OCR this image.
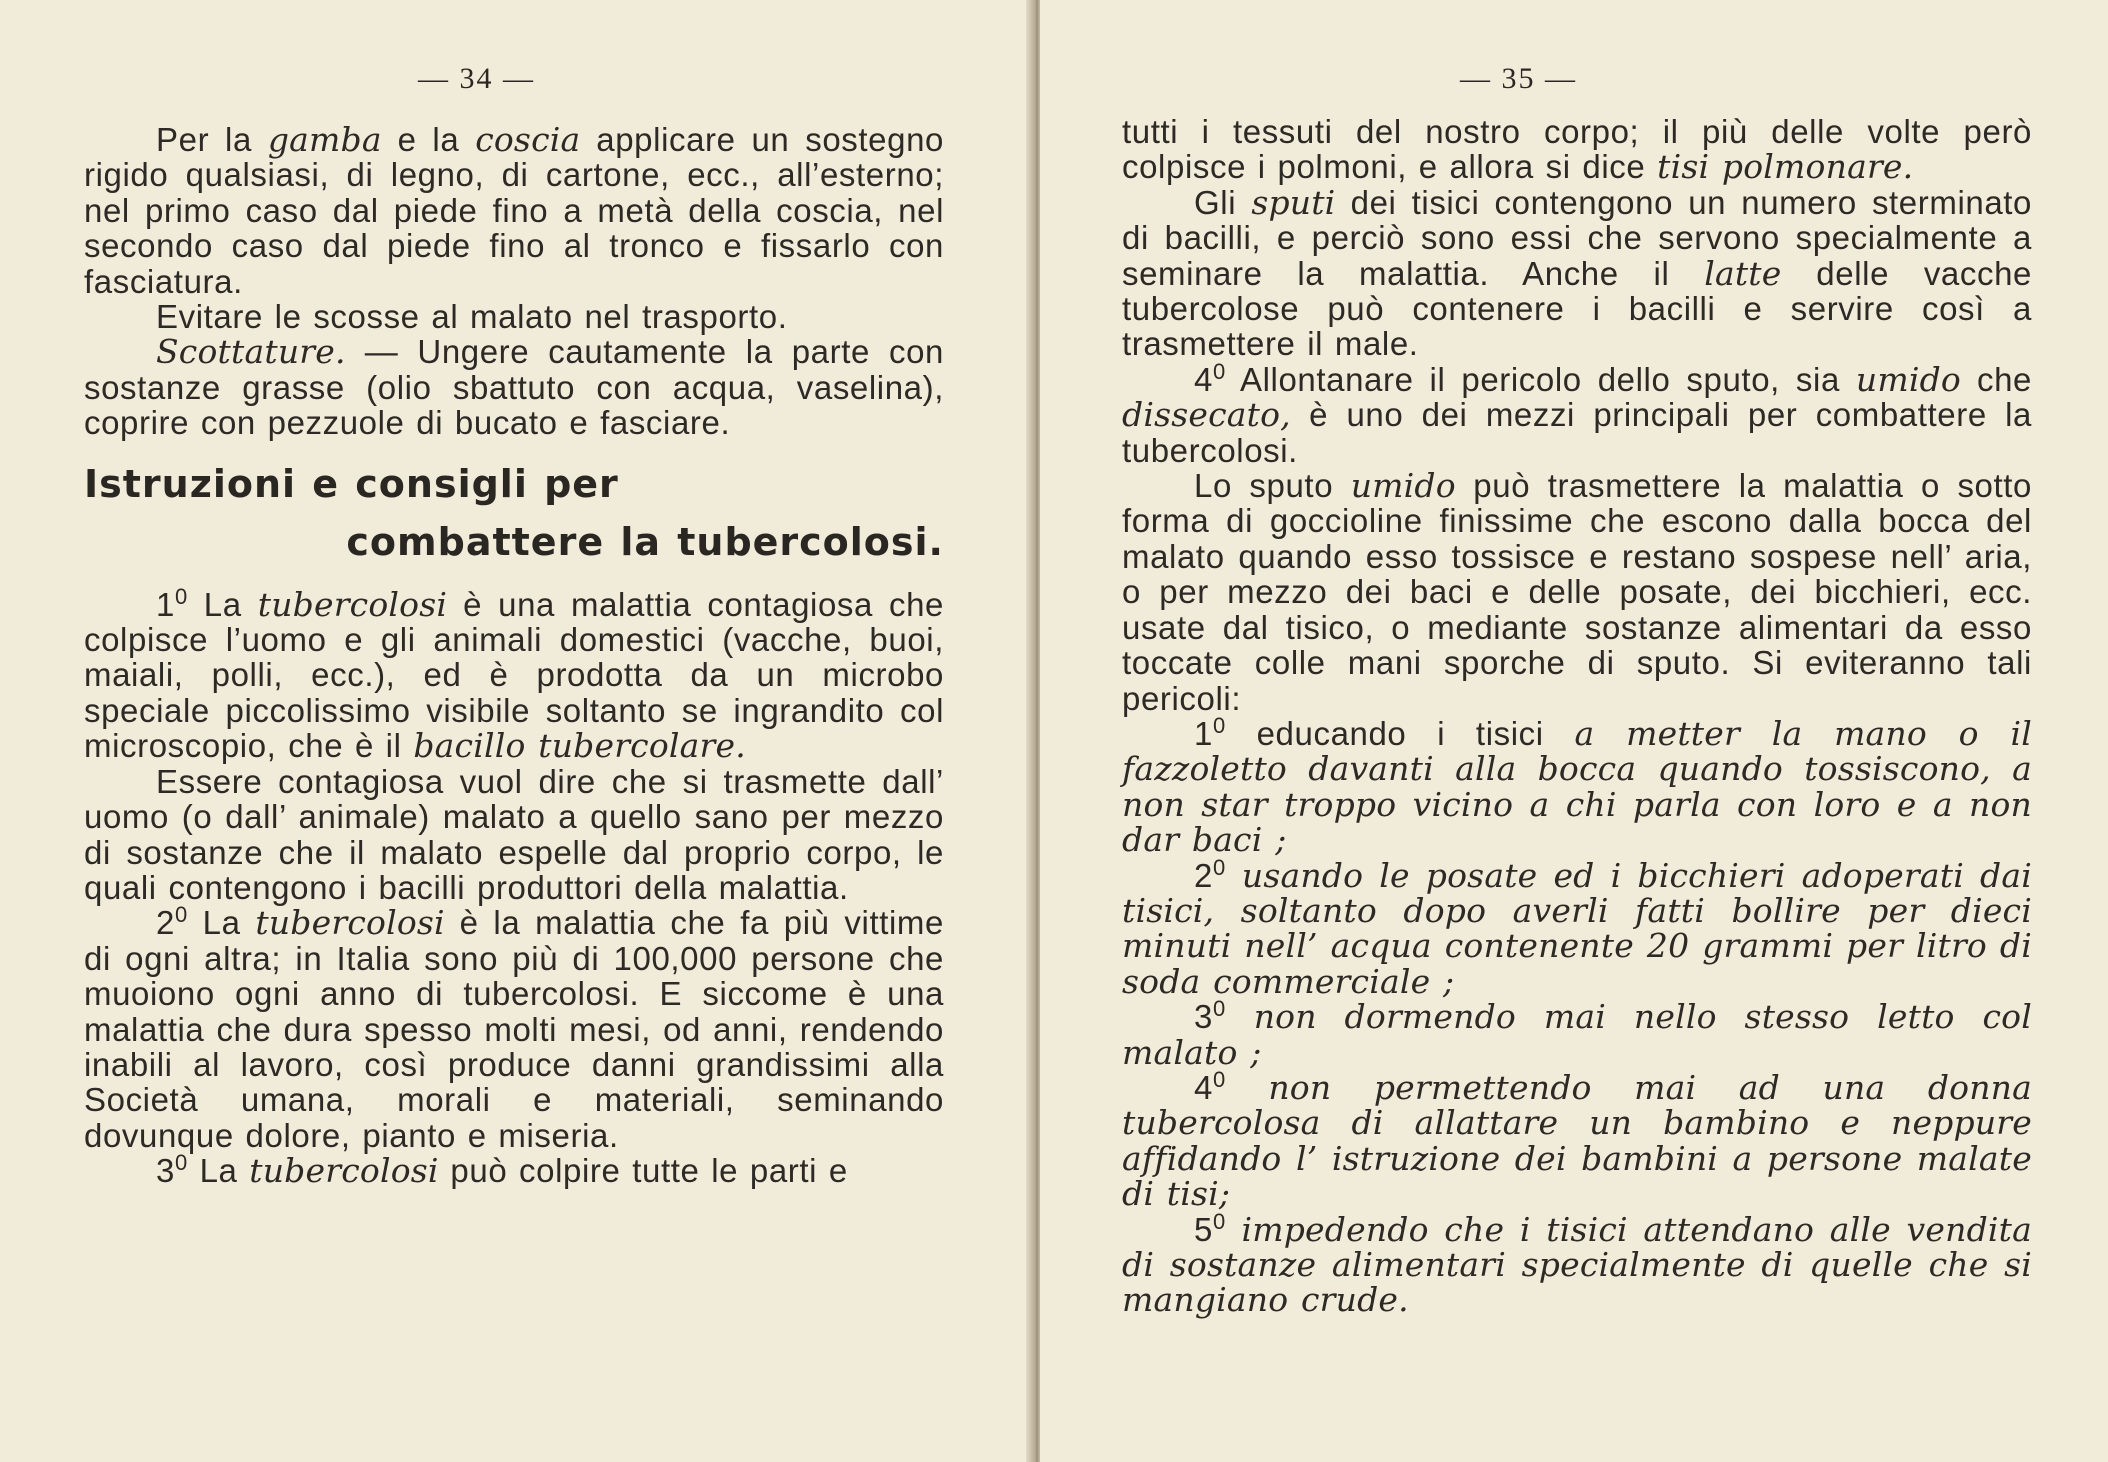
— 34 —

Per la gamba e la coscia applicare un sostegno rigido qualsiasi, di legno, di cartone, ecc., all’esterno; nel primo caso dal piede fino a metà della coscia, nel secondo caso dal piede fino al tronco e fissarlo con fasciatura.

Evitare le scosse al malato nel trasporto.

Scottature. — Ungere cautamente la parte con sostanze grasse (olio sbattuto con acqua, vaselina), coprire con pezzuole di bucato e fasciare.

Istruzioni e consigli per
combattere la tubercolosi.

$1^0$ La tubercolosi è una malattia contagiosa che colpisce l’uomo e gli animali domestici (vacche, buoi, maiali, polli, ecc.), ed è prodotta da un microbo speciale piccolissimo visibile soltanto se ingrandito col microscopio, che è il bacillo tubercolare.

Essere contagiosa vuol dire che si trasmette dall’ uomo (o dall’ animale) malato a quello sano per mezzo di sostanze che il malato espelle dal proprio corpo, le quali contengono i bacilli produttori della malattia.

$2^0$ La tubercolosi è la malattia che fa più vittime di ogni altra; in Italia sono più di 100,000 persone che muoiono ogni anno di tubercolosi. E siccome è una malattia che dura spesso molti mesi, od anni, rendendo inabili al lavoro, così produce danni grandissimi alla Società umana, morali e materiali, seminando dovunque dolore, pianto e miseria.

$3^0$ La tubercolosi può colpire tutte le parti e

— 35 —

tutti i tessuti del nostro corpo; il più delle volte però colpisce i polmoni, e allora si dice tisi polmonare.

Gli sputi dei tisici contengono un numero sterminato di bacilli, e perciò sono essi che servono specialmente a seminare la malattia. Anche il latte delle vacche tubercolose può contenere i bacilli e servire così a trasmettere il male.

$4^0$ Allontanare il pericolo dello sputo, sia umido che dissecato, è uno dei mezzi principali per combattere la tubercolosi.

Lo sputo umido può trasmettere la malattia o sotto forma di goccioline finissime che escono dalla bocca del malato quando esso tossisce e restano sospese nell’ aria, o per mezzo dei baci e delle posate, dei bicchieri, ecc. usate dal tisico, o mediante sostanze alimentari da esso toccate colle mani sporche di sputo. Si eviteranno tali pericoli:

$1^0$ educando i tisici a metter la mano o il fazzoletto davanti alla bocca quando tossiscono, a non star troppo vicino a chi parla con loro e a non dar baci ;

$2^0$ usando le posate ed i bicchieri adoperati dai tisici, soltanto dopo averli fatti bollire per dieci minuti nell’ acqua contenente 20 grammi per litro di soda commerciale ;

$3^0$ non dormendo mai nello stesso letto col malato ;

$4^0$ non permettendo mai ad una donna tubercolosa di allattare un bambino e neppure affidando l’ istruzione dei bambini a persone malate di tisi;

$5^0$ impedendo che i tisici attendano alle vendita di sostanze alimentari specialmente di quelle che si mangiano crude.
